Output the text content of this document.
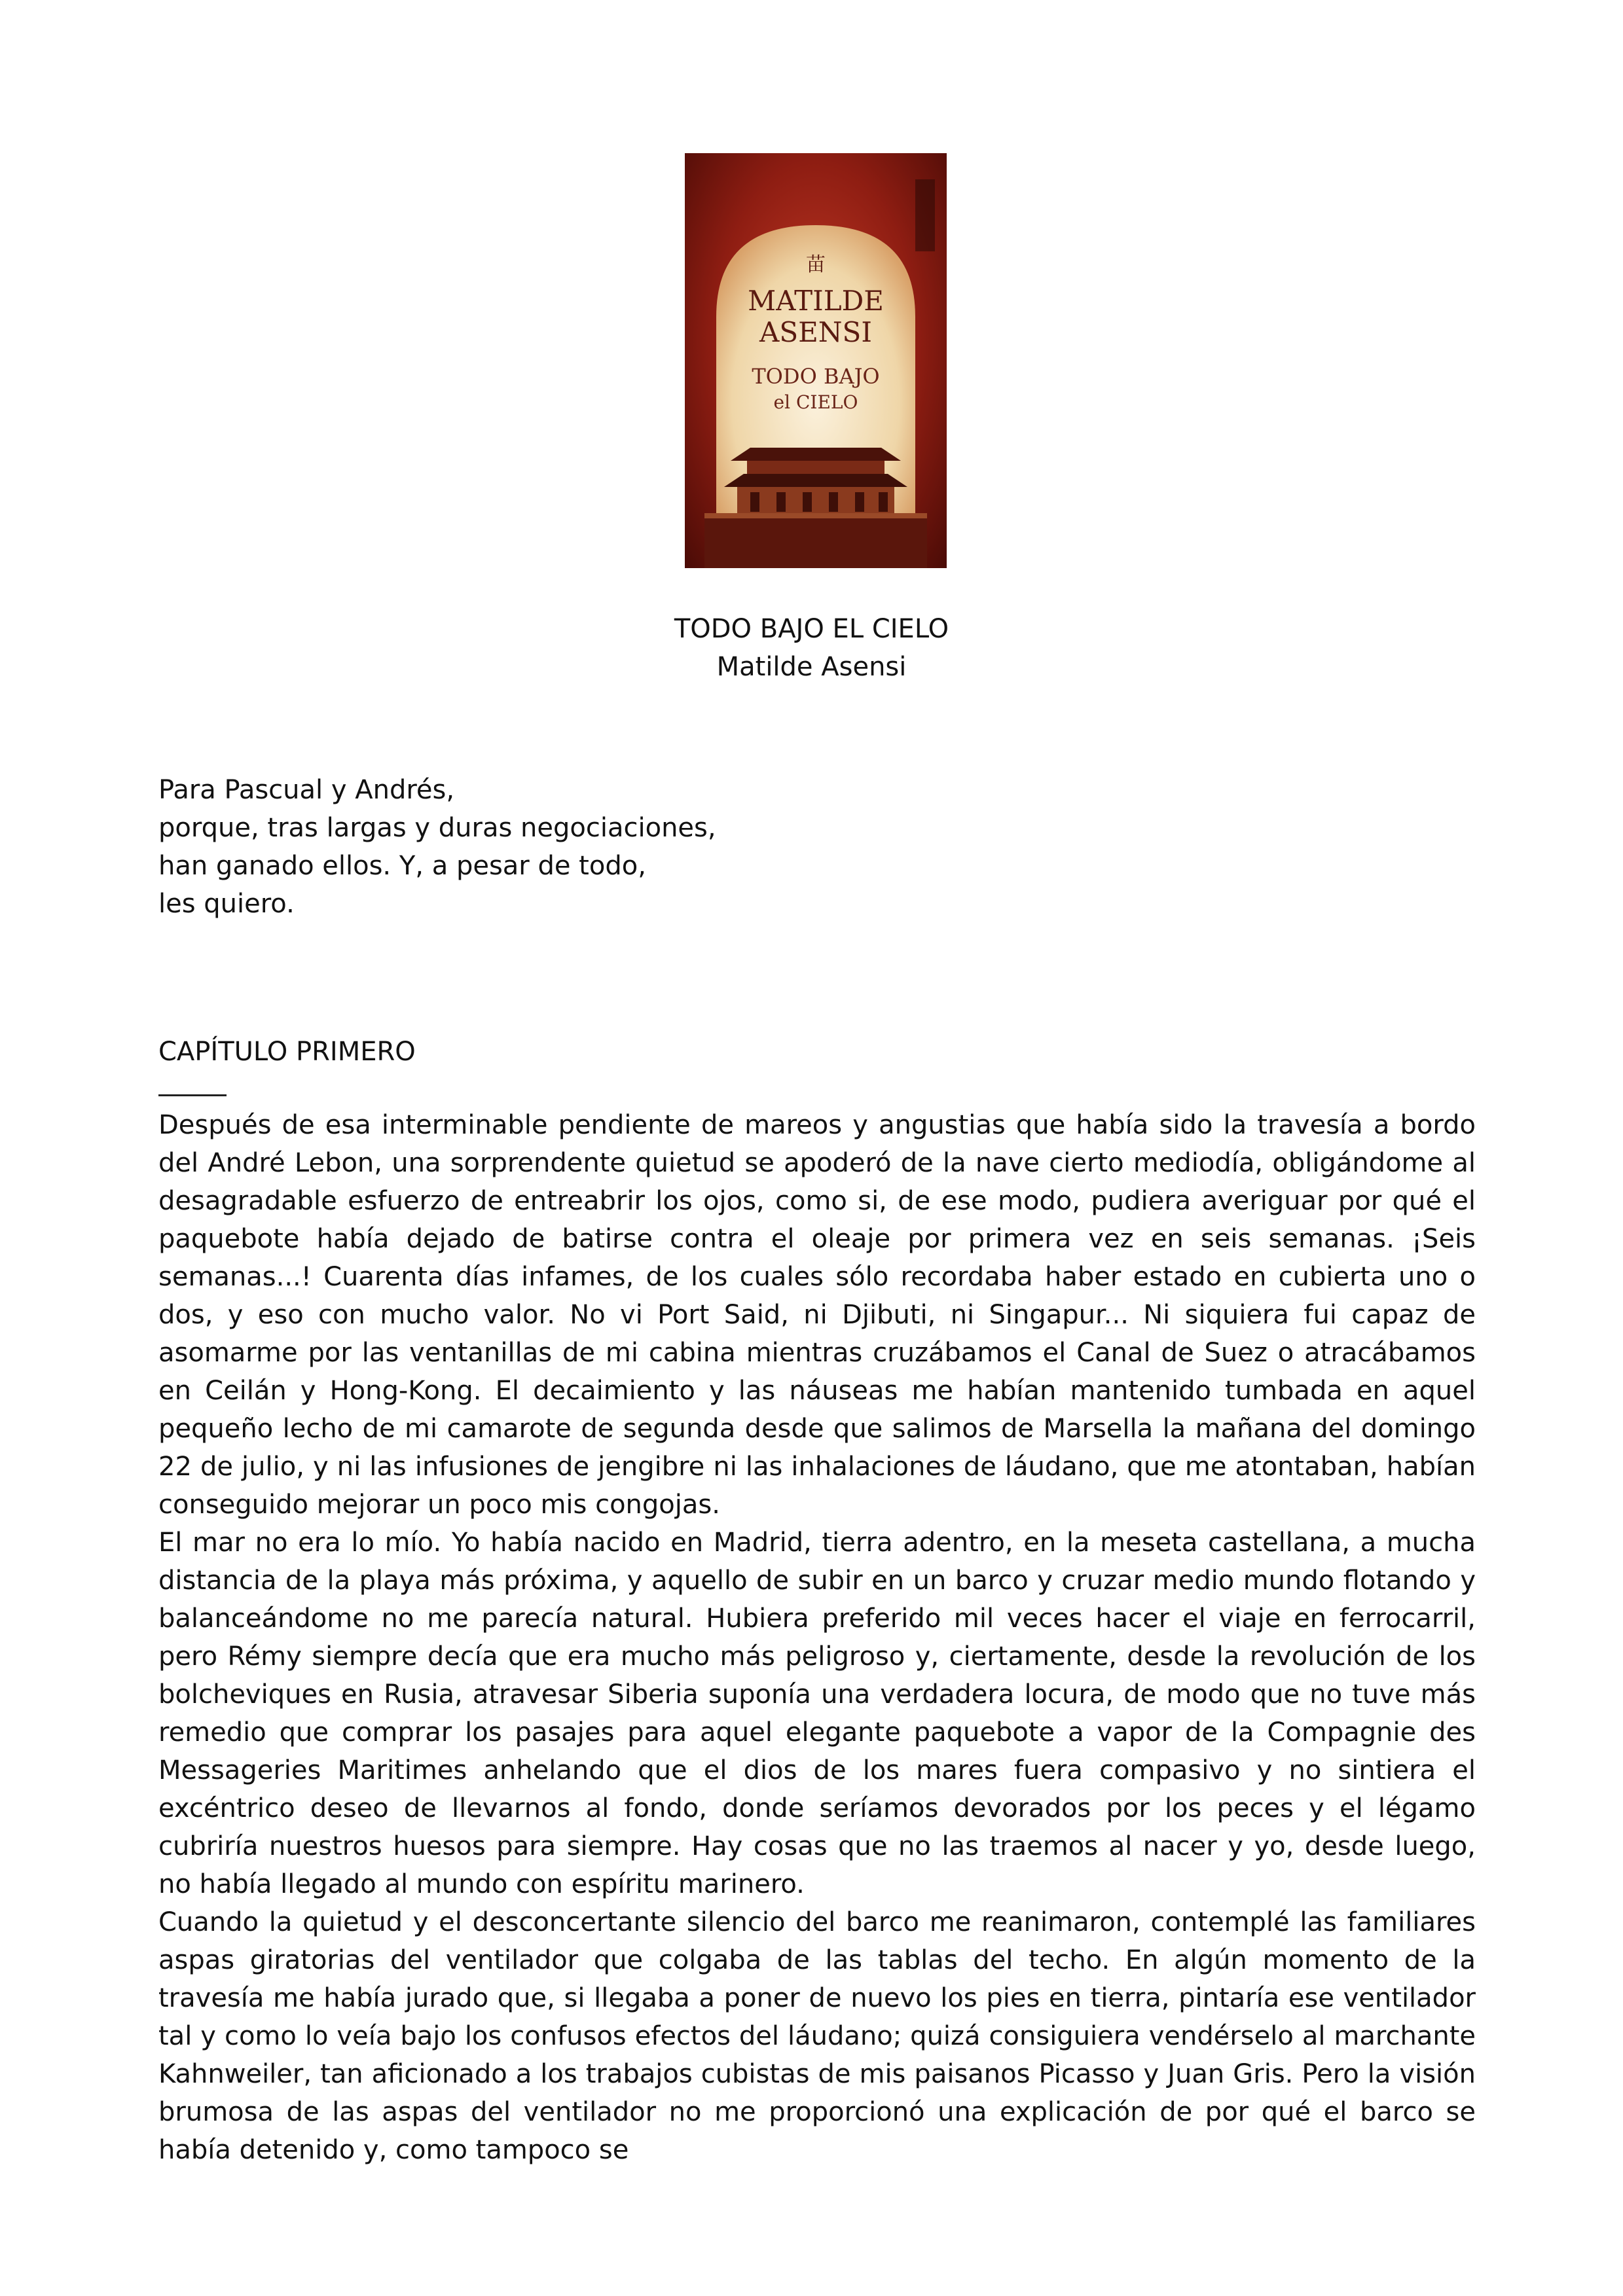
苗
MATILDE
ASENSI
TODO BAJO
el CIELO
TODO BAJO EL CIELO
Matilde Asensi
Para Pascual y Andrés,
porque, tras largas y duras negociaciones,
han ganado ellos. Y, a pesar de todo,
les quiero.
CAPÍTULO PRIMERO

Después de esa interminable pendiente de mareos y angustias que había sido la travesía a bordo del André Lebon, una sorprendente quietud se apoderó de la nave cierto mediodía, obligándome al desagradable esfuerzo de entreabrir los ojos, como si, de ese modo, pudiera averiguar por qué el paquebote había dejado de batirse contra el oleaje por primera vez en seis semanas. ¡Seis semanas...! Cuarenta días infames, de los cuales sólo recordaba haber estado en cubierta uno o dos, y eso con mucho valor. No vi Port Said, ni Djibuti, ni Singapur... Ni siquiera fui capaz de asomarme por las ventanillas de mi cabina mientras cruzábamos el Canal de Suez o atracábamos en Ceilán y Hong-Kong. El decaimiento y las náuseas me habían mantenido tumbada en aquel pequeño lecho de mi camarote de segunda desde que salimos de Marsella la mañana del domingo 22 de julio, y ni las infusiones de jengibre ni las inhalaciones de láudano, que me atontaban, habían conseguido mejorar un poco mis congojas.

El mar no era lo mío. Yo había nacido en Madrid, tierra adentro, en la meseta castellana, a mucha distancia de la playa más próxima, y aquello de subir en un barco y cruzar medio mundo flotando y balanceándome no me parecía natural. Hubiera preferido mil veces hacer el viaje en ferrocarril, pero Rémy siempre decía que era mucho más peligroso y, ciertamente, desde la revolución de los bolcheviques en Rusia, atravesar Siberia suponía una verdadera locura, de modo que no tuve más remedio que comprar los pasajes para aquel elegante paquebote a vapor de la Compagnie des Messageries Maritimes anhelando que el dios de los mares fuera compasivo y no sintiera el excéntrico deseo de llevarnos al fondo, donde seríamos devorados por los peces y el légamo cubriría nuestros huesos para siempre. Hay cosas que no las traemos al nacer y yo, desde luego, no había llegado al mundo con espíritu marinero.

Cuando la quietud y el desconcertante silencio del barco me reanimaron, contemplé las familiares aspas giratorias del ventilador que colgaba de las tablas del techo. En algún momento de la travesía me había jurado que, si llegaba a poner de nuevo los pies en tierra, pintaría ese ventilador tal y como lo veía bajo los confusos efectos del láudano; quizá consiguiera vendérselo al marchante Kahnweiler, tan aficionado a los trabajos cubistas de mis paisanos Picasso y Juan Gris. Pero la visión brumosa de las aspas del ventilador no me proporcionó una explicación de por qué el barco se había detenido y, como tampoco se
